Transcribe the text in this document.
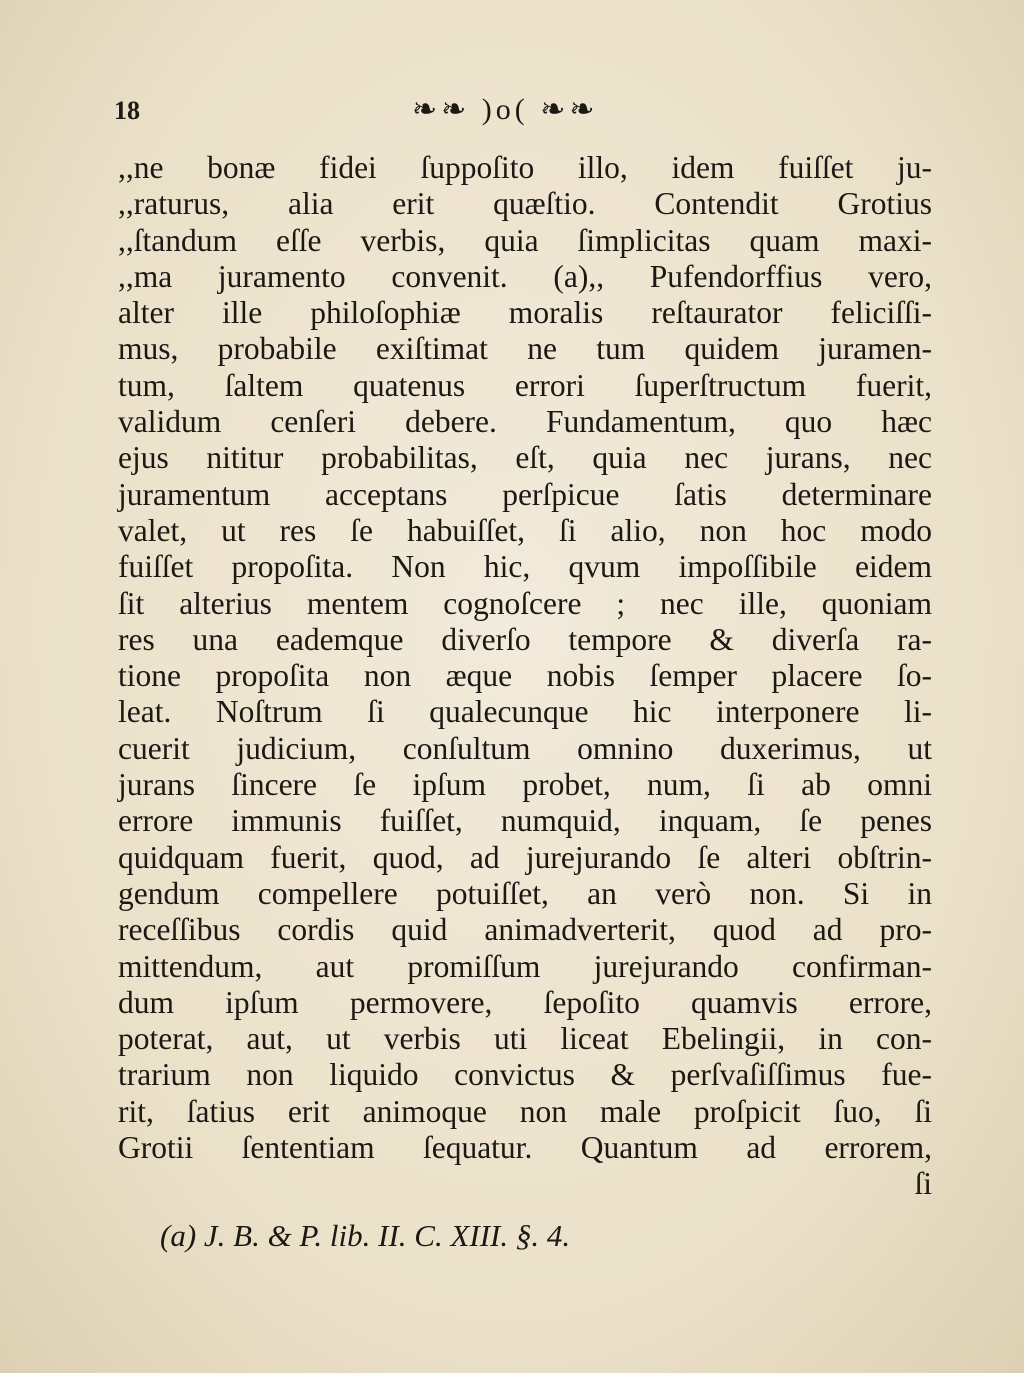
18	❧❧ )o( ❧❧
,,ne bonæ fidei ſuppoſito illo, idem fuiſſet ju-
,,raturus, alia erit quæſtio. Contendit Grotius
,,ſtandum eſſe verbis, quia ſimplicitas quam maxi-
,,ma juramento convenit. (a),, Pufendorffius vero,
alter ille philoſophiæ moralis reſtaurator feliciſſi-
mus, probabile exiſtimat ne tum quidem juramen-
tum, ſaltem quatenus errori ſuperſtructum fuerit,
validum cenſeri debere. Fundamentum, quo hæc
ejus nititur probabilitas, eſt, quia nec jurans, nec
juramentum acceptans perſpicue ſatis determinare
valet, ut res ſe habuiſſet, ſi alio, non hoc modo
fuiſſet propoſita. Non hic, qvum impoſſibile eidem
ſit alterius mentem cognoſcere ; nec ille, quoniam
res una eademque diverſo tempore & diverſa ra-
tione propoſita non æque nobis ſemper placere ſo-
leat. Noſtrum ſi qualecunque hic interponere li-
cuerit judicium, conſultum omnino duxerimus, ut
jurans ſincere ſe ipſum probet, num, ſi ab omni
errore immunis fuiſſet, numquid, inquam, ſe penes
quidquam fuerit, quod, ad jurejurando ſe alteri obſtrin-
gendum compellere potuiſſet, an verò non. Si in
receſſibus cordis quid animadverterit, quod ad pro-
mittendum, aut promiſſum jurejurando confirman-
dum ipſum permovere, ſepoſito quamvis errore,
poterat, aut, ut verbis uti liceat Ebelingii, in con-
trarium non liquido convictus & perſvaſiſſimus fue-
rit, ſatius erit animoque non male proſpicit ſuo, ſi
Grotii ſententiam ſequatur. Quantum ad errorem,
ſi
(a) J. B. & P. lib. II. C. XIII. §. 4.
